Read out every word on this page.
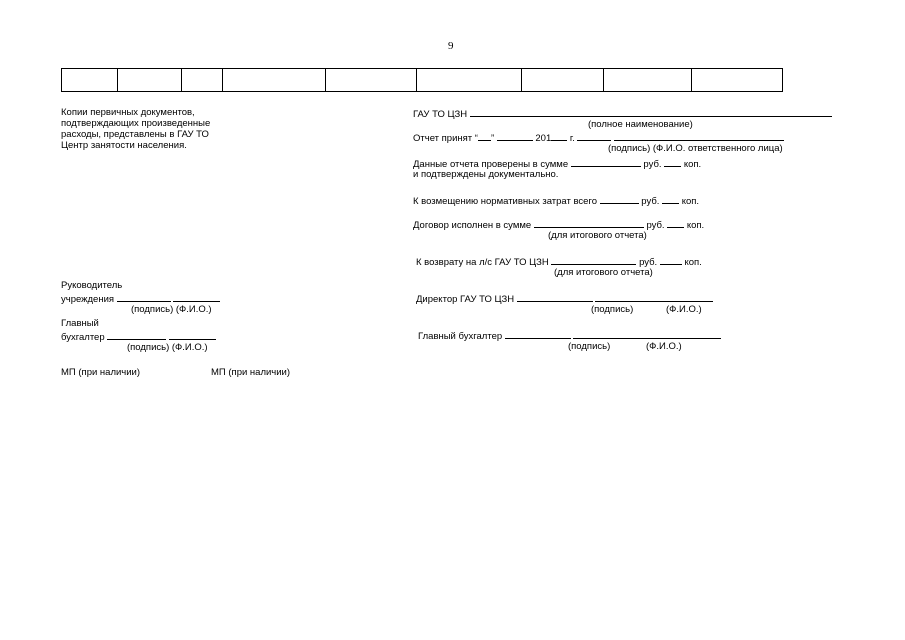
9

Копии первичных документов,
подтверждающих произведенные
расходы, представлены в ГАУ ТО
Центр занятости населения.
Руководитель
учреждения
(подпись) (Ф.И.О.)
Главный
бухгалтер
(подпись) (Ф.И.О.)
МП (при наличии)	МП (при наличии)
ГАУ ТО ЦЗН
(полное наименование)
Отчет принят “ ”	201 г.
(подпись) (Ф.И.О. ответственного лица)
Данные отчета проверены в сумме	руб. коп.
и подтверждены документально.
К возмещению нормативных затрат всего	руб. коп.
Договор исполнен в сумме	руб. коп.
(для итогового отчета)
К возврату на л/с ГАУ ТО ЦЗН	руб.	коп.
(для итогового отчета)
Директор ГАУ ТО ЦЗН
(подпись)	(Ф.И.О.)
Главный бухгалтер
(подпись)	(Ф.И.О.)
